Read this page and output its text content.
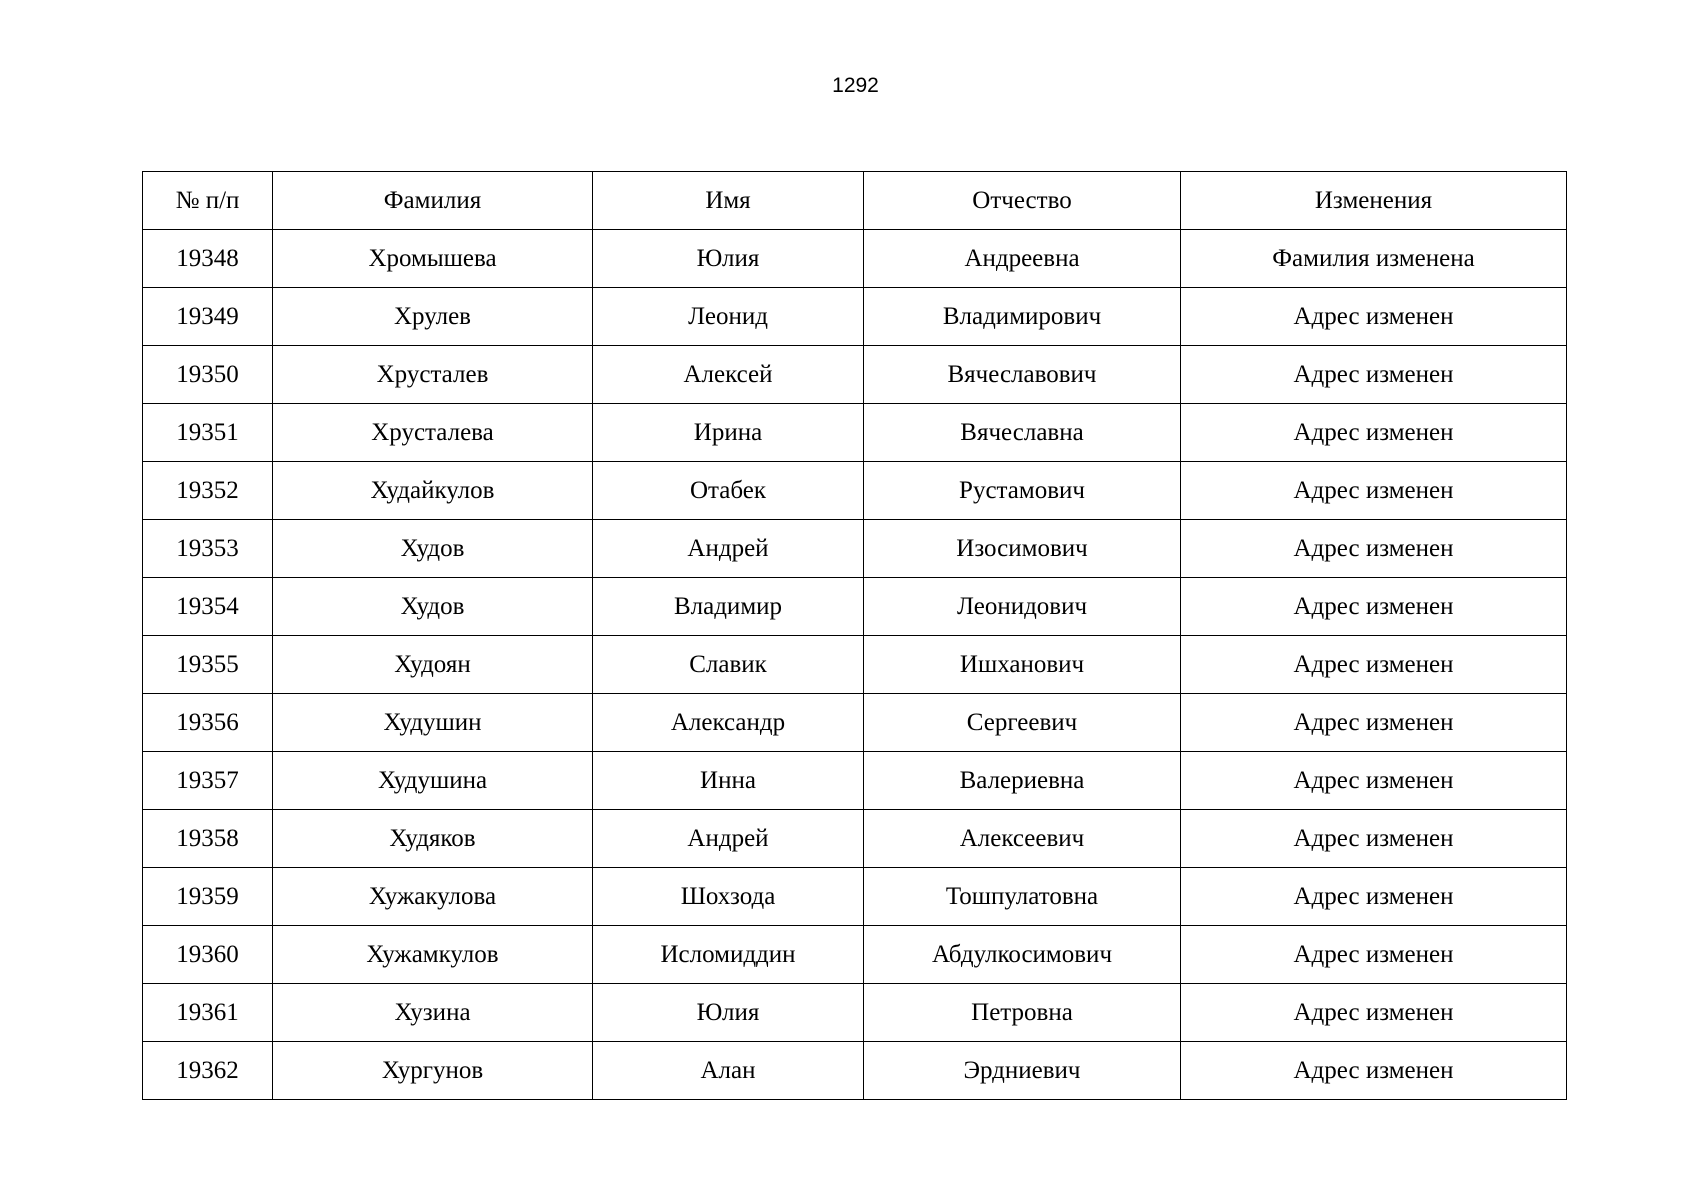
1292
№ п/п	Фамилия	Имя	Отчество	Изменения
19348	Хромышева	Юлия	Андреевна	Фамилия изменена
19349	Хрулев	Леонид	Владимирович	Адрес изменен
19350	Хрусталев	Алексей	Вячеславович	Адрес изменен
19351	Хрусталева	Ирина	Вячеславна	Адрес изменен
19352	Худайкулов	Отабек	Рустамович	Адрес изменен
19353	Худов	Андрей	Изосимович	Адрес изменен
19354	Худов	Владимир	Леонидович	Адрес изменен
19355	Худоян	Славик	Ишханович	Адрес изменен
19356	Худушин	Александр	Сергеевич	Адрес изменен
19357	Худушина	Инна	Валериевна	Адрес изменен
19358	Худяков	Андрей	Алексеевич	Адрес изменен
19359	Хужакулова	Шохзода	Тошпулатовна	Адрес изменен
19360	Хужамкулов	Исломиддин	Абдулкосимович	Адрес изменен
19361	Хузина	Юлия	Петровна	Адрес изменен
19362	Хургунов	Алан	Эрдниевич	Адрес изменен
